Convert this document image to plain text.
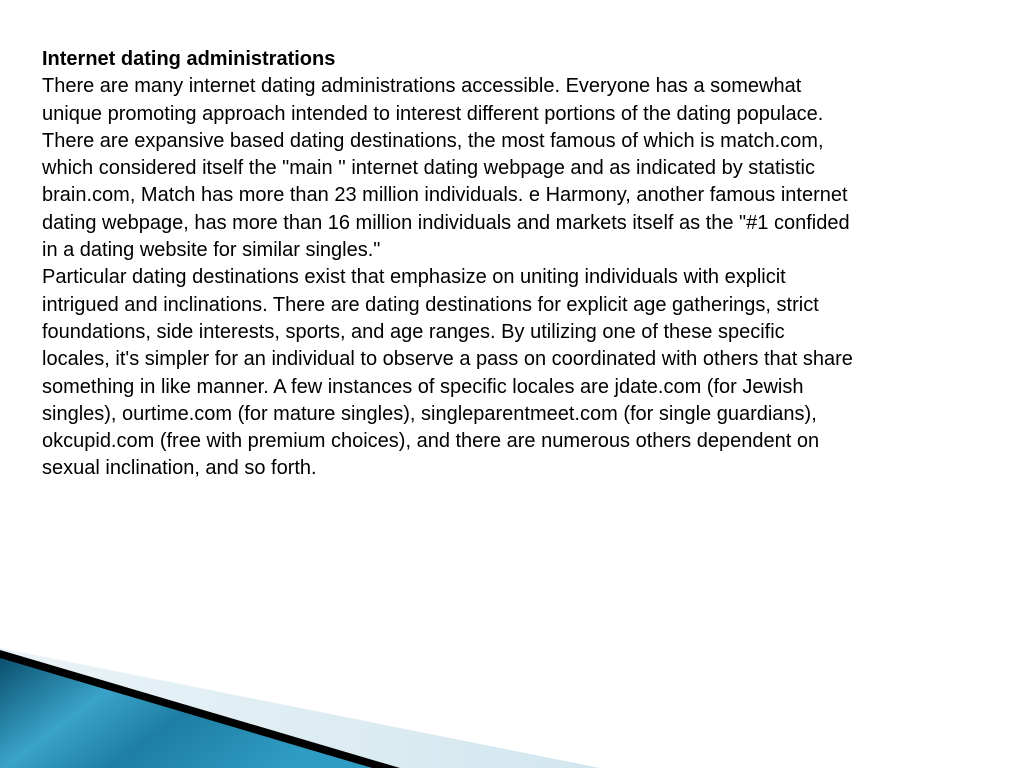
Internet dating administrations

There are many internet dating administrations accessible. Everyone has a somewhat
unique promoting approach intended to interest different portions of the dating populace.
There are expansive based dating destinations, the most famous of which is match.com,
which considered itself the "main '' internet dating webpage and as indicated by statistic
brain.com, Match has more than 23 million individuals. e Harmony, another famous internet
dating webpage, has more than 16 million individuals and markets itself as the "#1 confided
in a dating website for similar singles."

Particular dating destinations exist that emphasize on uniting individuals with explicit
intrigued and inclinations. There are dating destinations for explicit age gatherings, strict
foundations, side interests, sports, and age ranges. By utilizing one of these specific
locales, it's simpler for an individual to observe a pass on coordinated with others that share
something in like manner. A few instances of specific locales are jdate.com (for Jewish
singles), ourtime.com (for mature singles), singleparentmeet.com (for single guardians),
okcupid.com (free with premium choices), and there are numerous others dependent on
sexual inclination, and so forth.
